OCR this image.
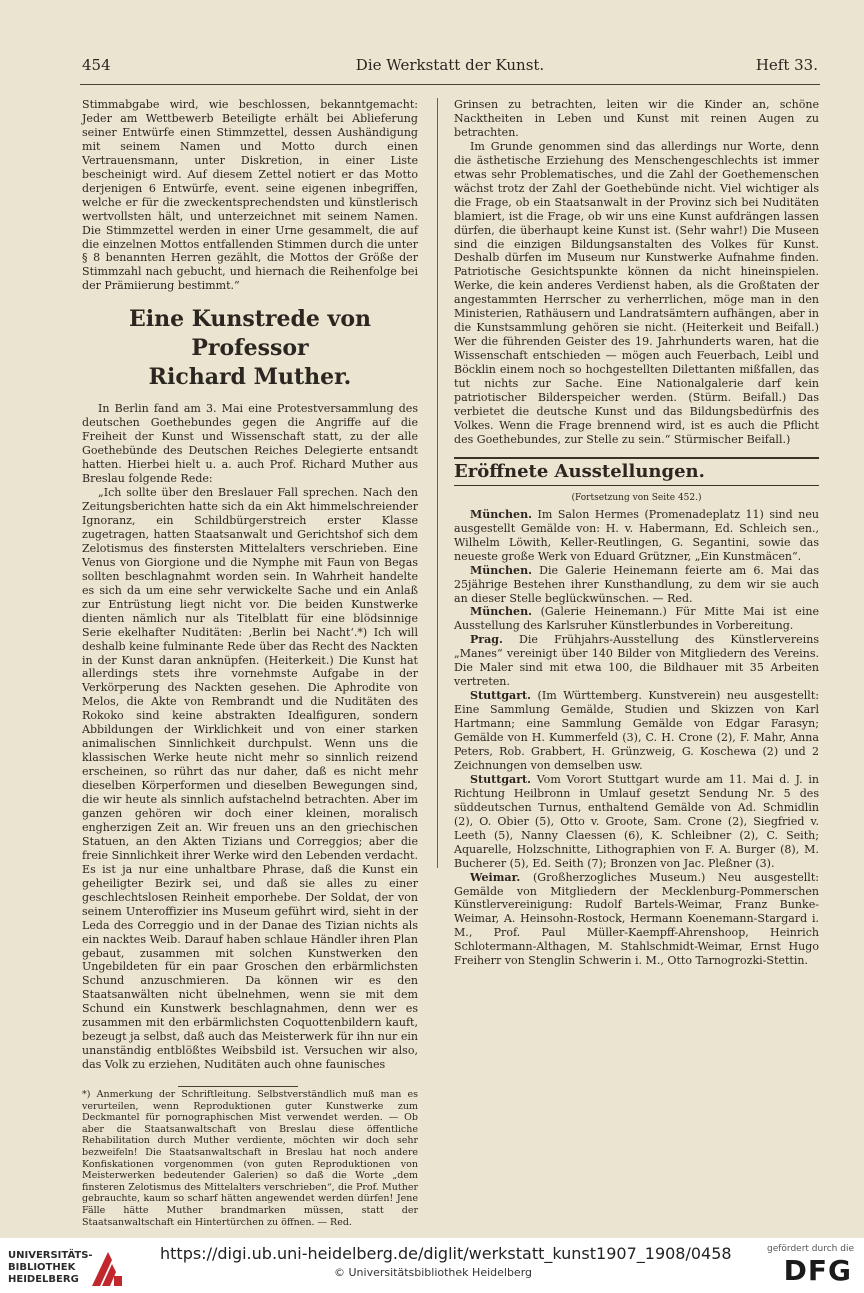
454	Die Werkstatt der Kunst.	Heft 33.

Stimmabgabe wird, wie beschlossen, bekanntgemacht: Jeder am Wettbewerb Beteiligte erhält bei Ablieferung seiner Entwürfe einen Stimmzettel, dessen Aushändigung mit seinem Namen und Motto durch einen Vertrauensmann, unter Diskretion, in einer Liste bescheinigt wird. Auf diesem Zettel notiert er das Motto derjenigen 6 Entwürfe, event. seine eigenen inbegriffen, welche er für die zweckentsprechendsten und künstlerisch wertvollsten hält, und unterzeichnet mit seinem Namen. Die Stimmzettel werden in einer Urne gesammelt, die auf die einzelnen Mottos entfallenden Stimmen durch die unter § 8 benannten Herren gezählt, die Mottos der Größe der Stimmzahl nach gebucht, und hiernach die Reihenfolge bei der Prämiierung bestimmt.“

Eine Kunstrede von Professor
Richard Muther.

In Berlin fand am 3. Mai eine Protestversammlung des deutschen Goethebundes gegen die Angriffe auf die Freiheit der Kunst und Wissenschaft statt, zu der alle Goethebünde des Deutschen Reiches Delegierte entsandt hatten. Hierbei hielt u. a. auch Prof. Richard Muther aus Breslau folgende Rede:

„Ich sollte über den Breslauer Fall sprechen. Nach den Zeitungsberichten hatte sich da ein Akt himmelschreiender Ignoranz, ein Schildbürgerstreich erster Klasse zugetragen, hatten Staatsanwalt und Gerichtshof sich dem Zelotismus des finstersten Mittelalters verschrieben. Eine Venus von Giorgione und die Nymphe mit Faun von Begas sollten beschlagnahmt worden sein. In Wahrheit handelte es sich da um eine sehr verwickelte Sache und ein Anlaß zur Entrüstung liegt nicht vor. Die beiden Kunstwerke dienten nämlich nur als Titelblatt für eine blödsinnige Serie ekelhafter Nuditäten: ‚Berlin bei Nacht‘.*) Ich will deshalb keine fulminante Rede über das Recht des Nackten in der Kunst daran anknüpfen. (Heiterkeit.) Die Kunst hat allerdings stets ihre vornehmste Aufgabe in der Verkörperung des Nackten gesehen. Die Aphrodite von Melos, die Akte von Rembrandt und die Nuditäten des Rokoko sind keine abstrakten Idealfiguren, sondern Abbildungen der Wirklichkeit und von einer starken animalischen Sinnlichkeit durchpulst. Wenn uns die klassischen Werke heute nicht mehr so sinnlich reizend erscheinen, so rührt das nur daher, daß es nicht mehr dieselben Körperformen und dieselben Bewegungen sind, die wir heute als sinnlich aufstachelnd betrachten. Aber im ganzen gehören wir doch einer kleinen, moralisch engherzigen Zeit an. Wir freuen uns an den griechischen Statuen, an den Akten Tizians und Correggios; aber die freie Sinnlichkeit ihrer Werke wird den Lebenden verdacht. Es ist ja nur eine unhaltbare Phrase, daß die Kunst ein geheiligter Bezirk sei, und daß sie alles zu einer geschlechtslosen Reinheit emporhebe. Der Soldat, der von seinem Unteroffizier ins Museum geführt wird, sieht in der Leda des Correggio und in der Danae des Tizian nichts als ein nacktes Weib. Darauf haben schlaue Händler ihren Plan gebaut, zusammen mit solchen Kunstwerken den Ungebildeten für ein paar Groschen den erbärmlichsten Schund anzuschmieren. Da können wir es den Staatsanwälten nicht übelnehmen, wenn sie mit dem Schund ein Kunstwerk beschlagnahmen, denn wer es zusammen mit den erbärmlichsten Coquottenbildern kauft, bezeugt ja selbst, daß auch das Meisterwerk für ihn nur ein unanständig entblößtes Weibsbild ist. Versuchen wir also, das Volk zu erziehen, Nuditäten auch ohne faunisches

*) Anmerkung der Schriftleitung. Selbstverständlich muß man es verurteilen, wenn Reproduktionen guter Kunstwerke zum Deckmantel für pornographischen Mist verwendet werden. — Ob aber die Staatsanwaltschaft von Breslau diese öffentliche Rehabilitation durch Muther verdiente, möchten wir doch sehr bezweifeln! Die Staatsanwaltschaft in Breslau hat noch andere Konfiskationen vorgenommen (von guten Reproduktionen von Meisterwerken bedeutender Galerien) so daß die Worte „dem finsteren Zelotismus des Mittelalters verschrieben“, die Prof. Muther gebrauchte, kaum so scharf hätten angewendet werden dürfen! Jene Fälle hätte Muther brandmarken müssen, statt der Staatsanwaltschaft ein Hintertürchen zu öffnen. — Red.

Grinsen zu betrachten, leiten wir die Kinder an, schöne Nacktheiten in Leben und Kunst mit reinen Augen zu betrachten.

Im Grunde genommen sind das allerdings nur Worte, denn die ästhetische Erziehung des Menschengeschlechts ist immer etwas sehr Problematisches, und die Zahl der Goethemenschen wächst trotz der Zahl der Goethebünde nicht. Viel wichtiger als die Frage, ob ein Staatsanwalt in der Provinz sich bei Nuditäten blamiert, ist die Frage, ob wir uns eine Kunst aufdrängen lassen dürfen, die überhaupt keine Kunst ist. (Sehr wahr!) Die Museen sind die einzigen Bildungsanstalten des Volkes für Kunst. Deshalb dürfen im Museum nur Kunstwerke Aufnahme finden. Patriotische Gesichtspunkte können da nicht hineinspielen. Werke, die kein anderes Verdienst haben, als die Großtaten der angestammten Herrscher zu verherrlichen, möge man in den Ministerien, Rathäusern und Landratsämtern aufhängen, aber in die Kunstsammlung gehören sie nicht. (Heiterkeit und Beifall.) Wer die führenden Geister des 19. Jahrhunderts waren, hat die Wissenschaft entschieden — mögen auch Feuerbach, Leibl und Böcklin einem noch so hochgestellten Dilettanten mißfallen, das tut nichts zur Sache. Eine Nationalgalerie darf kein patriotischer Bilderspeicher werden. (Stürm. Beifall.) Das verbietet die deutsche Kunst und das Bildungsbedürfnis des Volkes. Wenn die Frage brennend wird, ist es auch die Pflicht des Goethebundes, zur Stelle zu sein.“ Stürmischer Beifall.)

Eröffnete Ausstellungen.
(Fortsetzung von Seite 452.)

München. Im Salon Hermes (Promenadeplatz 11) sind neu ausgestellt Gemälde von: H. v. Habermann, Ed. Schleich sen., Wilhelm Löwith, Keller-Reutlingen, G. Segantini, sowie das neueste große Werk von Eduard Grützner, „Ein Kunstmäcen“.

München. Die Galerie Heinemann feierte am 6. Mai das 25jährige Bestehen ihrer Kunsthandlung, zu dem wir sie auch an dieser Stelle beglückwünschen. — Red.

München. (Galerie Heinemann.) Für Mitte Mai ist eine Ausstellung des Karlsruher Künstlerbundes in Vorbereitung.

Prag. Die Frühjahrs-Ausstellung des Künstlervereins „Manes“ vereinigt über 140 Bilder von Mitgliedern des Vereins. Die Maler sind mit etwa 100, die Bildhauer mit 35 Arbeiten vertreten.

Stuttgart. (Im Württemberg. Kunstverein) neu ausgestellt: Eine Sammlung Gemälde, Studien und Skizzen von Karl Hartmann; eine Sammlung Gemälde von Edgar Farasyn; Gemälde von H. Kummerfeld (3), C. H. Crone (2), F. Mahr, Anna Peters, Rob. Grabbert, H. Grünzweig, G. Koschewa (2) und 2 Zeichnungen von demselben usw.

Stuttgart. Vom Vorort Stuttgart wurde am 11. Mai d. J. in Richtung Heilbronn in Umlauf gesetzt Sendung Nr. 5 des süddeutschen Turnus, enthaltend Gemälde von Ad. Schmidlin (2), O. Obier (5), Otto v. Groote, Sam. Crone (2), Siegfried v. Leeth (5), Nanny Claessen (6), K. Schleibner (2), C. Seith; Aquarelle, Holzschnitte, Lithographien von F. A. Burger (8), M. Bucherer (5), Ed. Seith (7); Bronzen von Jac. Pleßner (3).

Weimar. (Großherzogliches Museum.) Neu ausgestellt: Gemälde von Mitgliedern der Mecklenburg-Pommerschen Künstlervereinigung: Rudolf Bartels-Weimar, Franz Bunke-Weimar, A. Heinsohn-Rostock, Hermann Koenemann-Stargard i. M., Prof. Paul Müller-Kaempff-Ahrenshoop, Heinrich Schlotermann-Althagen, M. Stahlschmidt-Weimar, Ernst Hugo Freiherr von Stenglin Schwerin i. M., Otto Tarnogrozki-Stettin.

UNIVERSITÄTS-
BIBLIOTHEK
HEIDELBERG
https://digi.ub.uni-heidelberg.de/diglit/werkstatt_kunst1907_1908/0458
© Universitätsbibliothek Heidelberg
gefördert durch die
DFG
